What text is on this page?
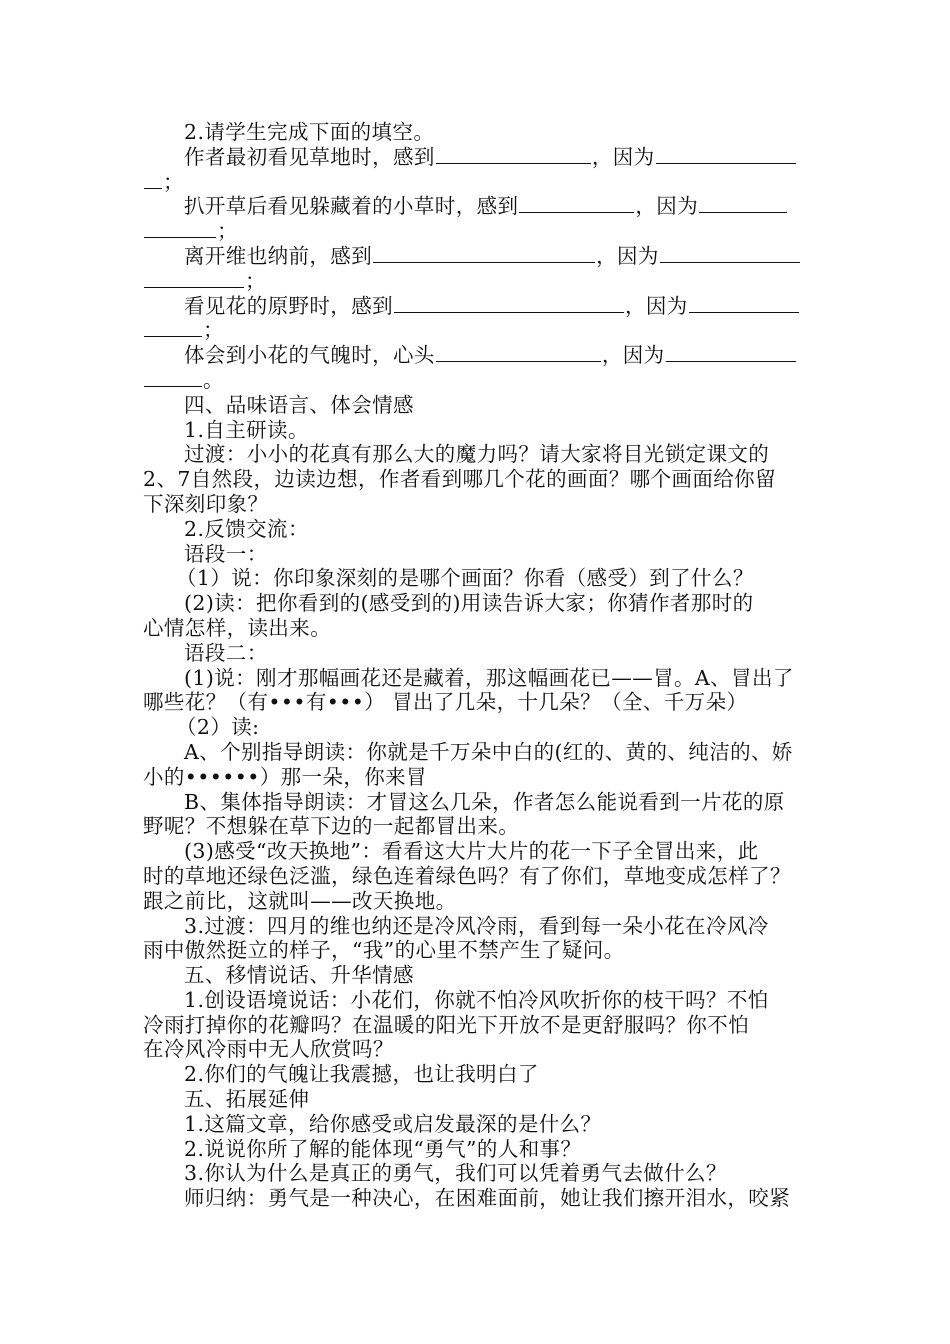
2.请学生完成下面的填空。
作者最初看见草地时，感到	，因为
；
扒开草后看见躲藏着的小草时，感到	，因为
；
离开维也纳前，感到	，因为
；
看见花的原野时，感到	，因为
；
体会到小花的气魄时，心头	，因为
。
四、品味语言、体会情感
1.自主研读。
过渡：小小的花真有那么大的魔力吗？请大家将目光锁定课文的
2、7自然段，边读边想，作者看到哪几个花的画面？哪个画面给你留
下深刻印象？
2.反馈交流：
语段一：
（1）说：你印象深刻的是哪个画面？你看（感受）到了什么？
(2)读：把你看到的(感受到的)用读告诉大家；你猜作者那时的
心情怎样，读出来。
语段二：
(1)说：刚才那幅画花还是藏着，那这幅画花已——冒。A、冒出了
哪些花？（有•••有•••） 冒出了几朵，十几朵？（全、千万朵）
（2）读:
A、个别指导朗读：你就是千万朵中白的(红的、黄的、纯洁的、娇
小的••••••）那一朵，你来冒
B、集体指导朗读：才冒这么几朵，作者怎么能说看到一片花的原
野呢？不想躲在草下边的一起都冒出来。
(3)感受“改天换地”：看看这大片大片的花一下子全冒出来，此
时的草地还绿色泛滥，绿色连着绿色吗？有了你们，草地变成怎样了？
跟之前比，这就叫——改天换地。
3.过渡：四月的维也纳还是冷风冷雨，看到每一朵小花在冷风冷
雨中傲然挺立的样子，“我”的心里不禁产生了疑问。
五、移情说话、升华情感
1.创设语境说话：小花们，你就不怕冷风吹折你的枝干吗？不怕
冷雨打掉你的花瓣吗？在温暖的阳光下开放不是更舒服吗？你不怕
在冷风冷雨中无人欣赏吗？
2.你们的气魄让我震撼，也让我明白了
五、拓展延伸
1.这篇文章，给你感受或启发最深的是什么？
2.说说你所了解的能体现“勇气”的人和事？
3.你认为什么是真正的勇气，我们可以凭着勇气去做什么？
师归纳：勇气是一种决心，在困难面前，她让我们擦开泪水，咬紧
